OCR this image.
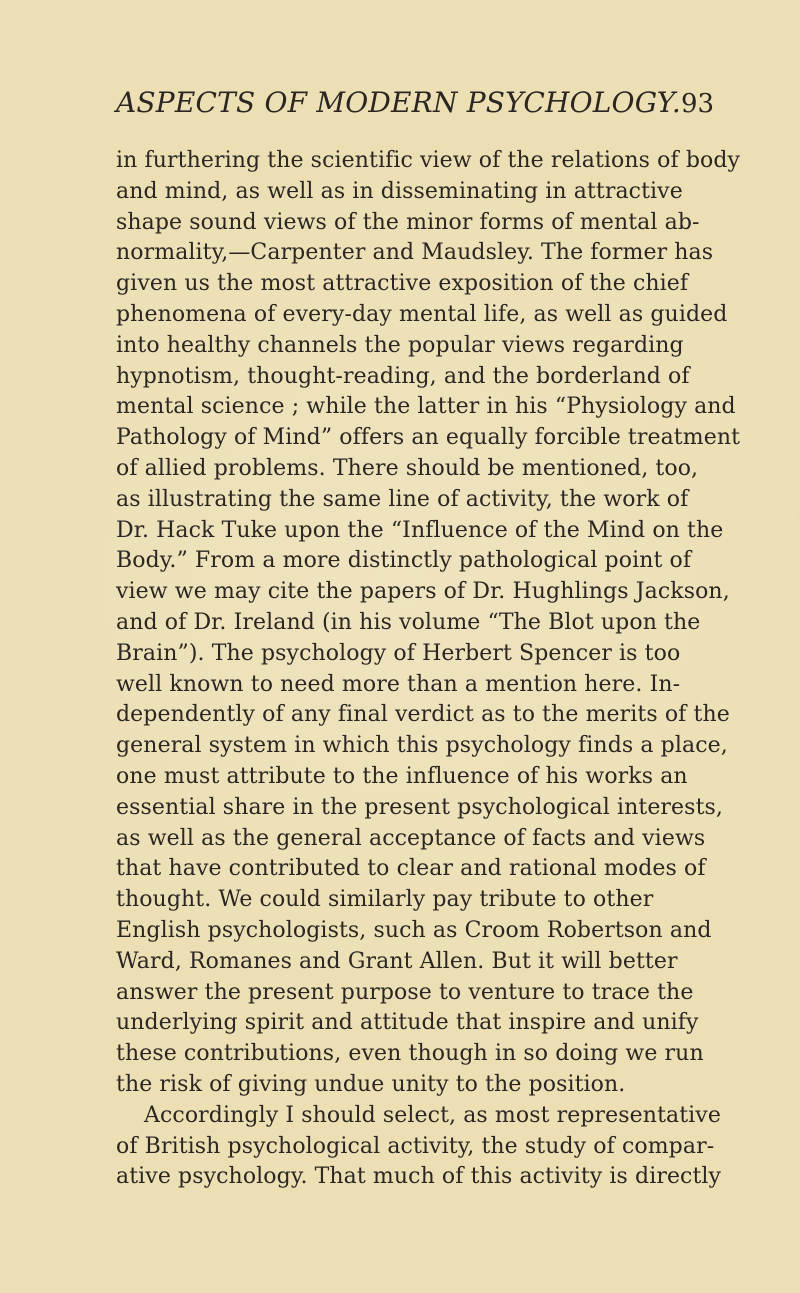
ASPECTS OF MODERN PSYCHOLOGY. 93
in furthering the scientific view of the relations of body
and mind, as well as in disseminating in attractive
shape sound views of the minor forms of mental ab-
normality,—Carpenter and Maudsley. The former has
given us the most attractive exposition of the chief
phenomena of every-day mental life, as well as guided
into healthy channels the popular views regarding
hypnotism, thought-reading, and the borderland of
mental science ; while the latter in his “Physiology and
Pathology of Mind” offers an equally forcible treatment
of allied problems. There should be mentioned, too,
as illustrating the same line of activity, the work of
Dr. Hack Tuke upon the “Influence of the Mind on the
Body.” From a more distinctly pathological point of
view we may cite the papers of Dr. Hughlings Jackson,
and of Dr. Ireland (in his volume “The Blot upon the
Brain”). The psychology of Herbert Spencer is too
well known to need more than a mention here. In-
dependently of any final verdict as to the merits of the
general system in which this psychology finds a place,
one must attribute to the influence of his works an
essential share in the present psychological interests,
as well as the general acceptance of facts and views
that have contributed to clear and rational modes of
thought. We could similarly pay tribute to other
English psychologists, such as Croom Robertson and
Ward, Romanes and Grant Allen. But it will better
answer the present purpose to venture to trace the
underlying spirit and attitude that inspire and unify
these contributions, even though in so doing we run
the risk of giving undue unity to the position.
Accordingly I should select, as most representative
of British psychological activity, the study of compar-
ative psychology. That much of this activity is directly
